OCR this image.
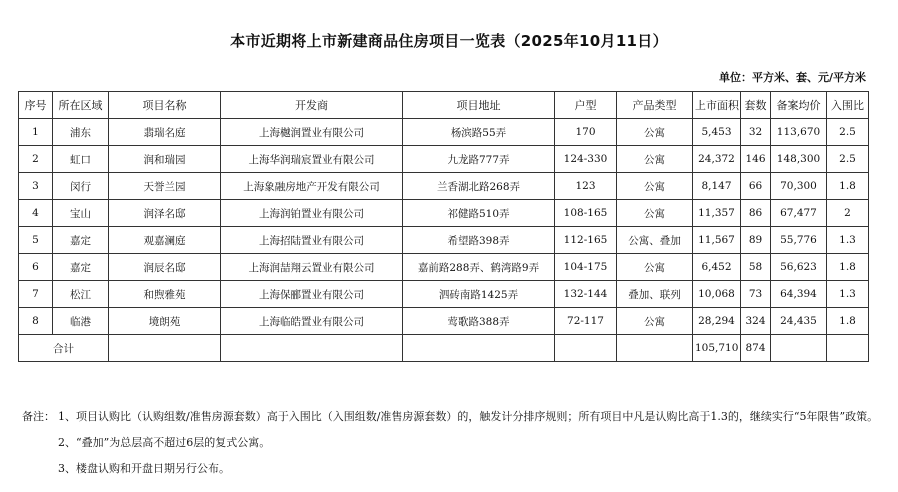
本市近期将上市新建商品住房项目一览表（2025年10月11日）
单位：平方米、套、元/平方米
序号	所在区域	项目名称	开发商	项目地址	户型	产品类型	上市面积	套数	备案均价	入围比
1	浦东	翡瑞名庭	上海樾润置业有限公司	杨滨路55弄	170	公寓	5,453	32	113,670	2.5
2	虹口	润和瑞园	上海华润瑞宸置业有限公司	九龙路777弄	124-330	公寓	24,372	146	148,300	2.5
3	闵行	天誉兰园	上海象融房地产开发有限公司	兰香湖北路268弄	123	公寓	8,147	66	70,300	1.8
4	宝山	润泽名邸	上海润铂置业有限公司	祁健路510弄	108-165	公寓	11,357	86	67,477	2
5	嘉定	观嘉澜庭	上海招陆置业有限公司	希望路398弄	112-165	公寓、叠加	11,567	89	55,776	1.3
6	嘉定	润辰名邸	上海润喆翔云置业有限公司	嘉前路288弄、鹤湾路9弄	104-175	公寓	6,452	58	56,623	1.8
7	松江	和煦雅苑	上海保郦置业有限公司	泗砖南路1425弄	132-144	叠加、联列	10,068	73	64,394	1.3
8	临港	境朗苑	上海临皓置业有限公司	莺歌路388弄	72-117	公寓	28,294	324	24,435	1.8
合计							105,710	874		
备注： 1、项目认购比（认购组数/准售房源套数）高于入围比（入围组数/准售房源套数）的，触发计分排序规则；所有项目中凡是认购比高于1.3的，继续实行“5年限售”政策。
2、“叠加”为总层高不超过6层的复式公寓。
3、楼盘认购和开盘日期另行公布。
